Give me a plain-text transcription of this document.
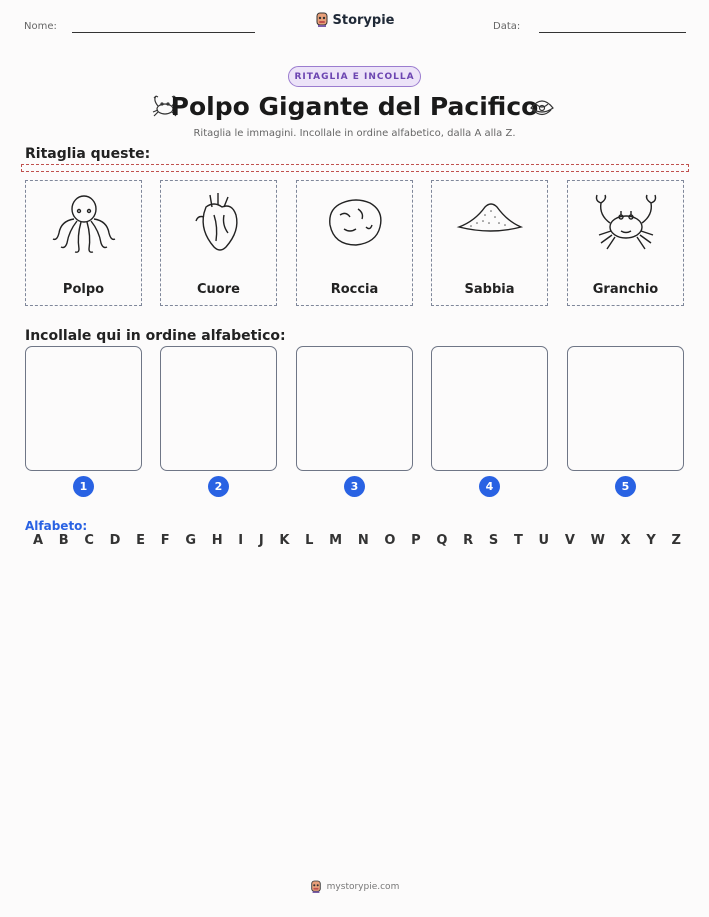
Nome:	Storypie	Data:
RITAGLIA E INCOLLA
Polpo Gigante del Pacifico
Ritaglia le immagini. Incollale in ordine alfabetico, dalla A alla Z.
Ritaglia queste:
Polpo	Cuore	Roccia	Sabbia	Granchio
Incollale qui in ordine alfabetico:
1	2	3	4	5
Alfabeto:
A B C D E F G H I J K L M N O P Q R S T U V W X Y Z
mystorypie.com
